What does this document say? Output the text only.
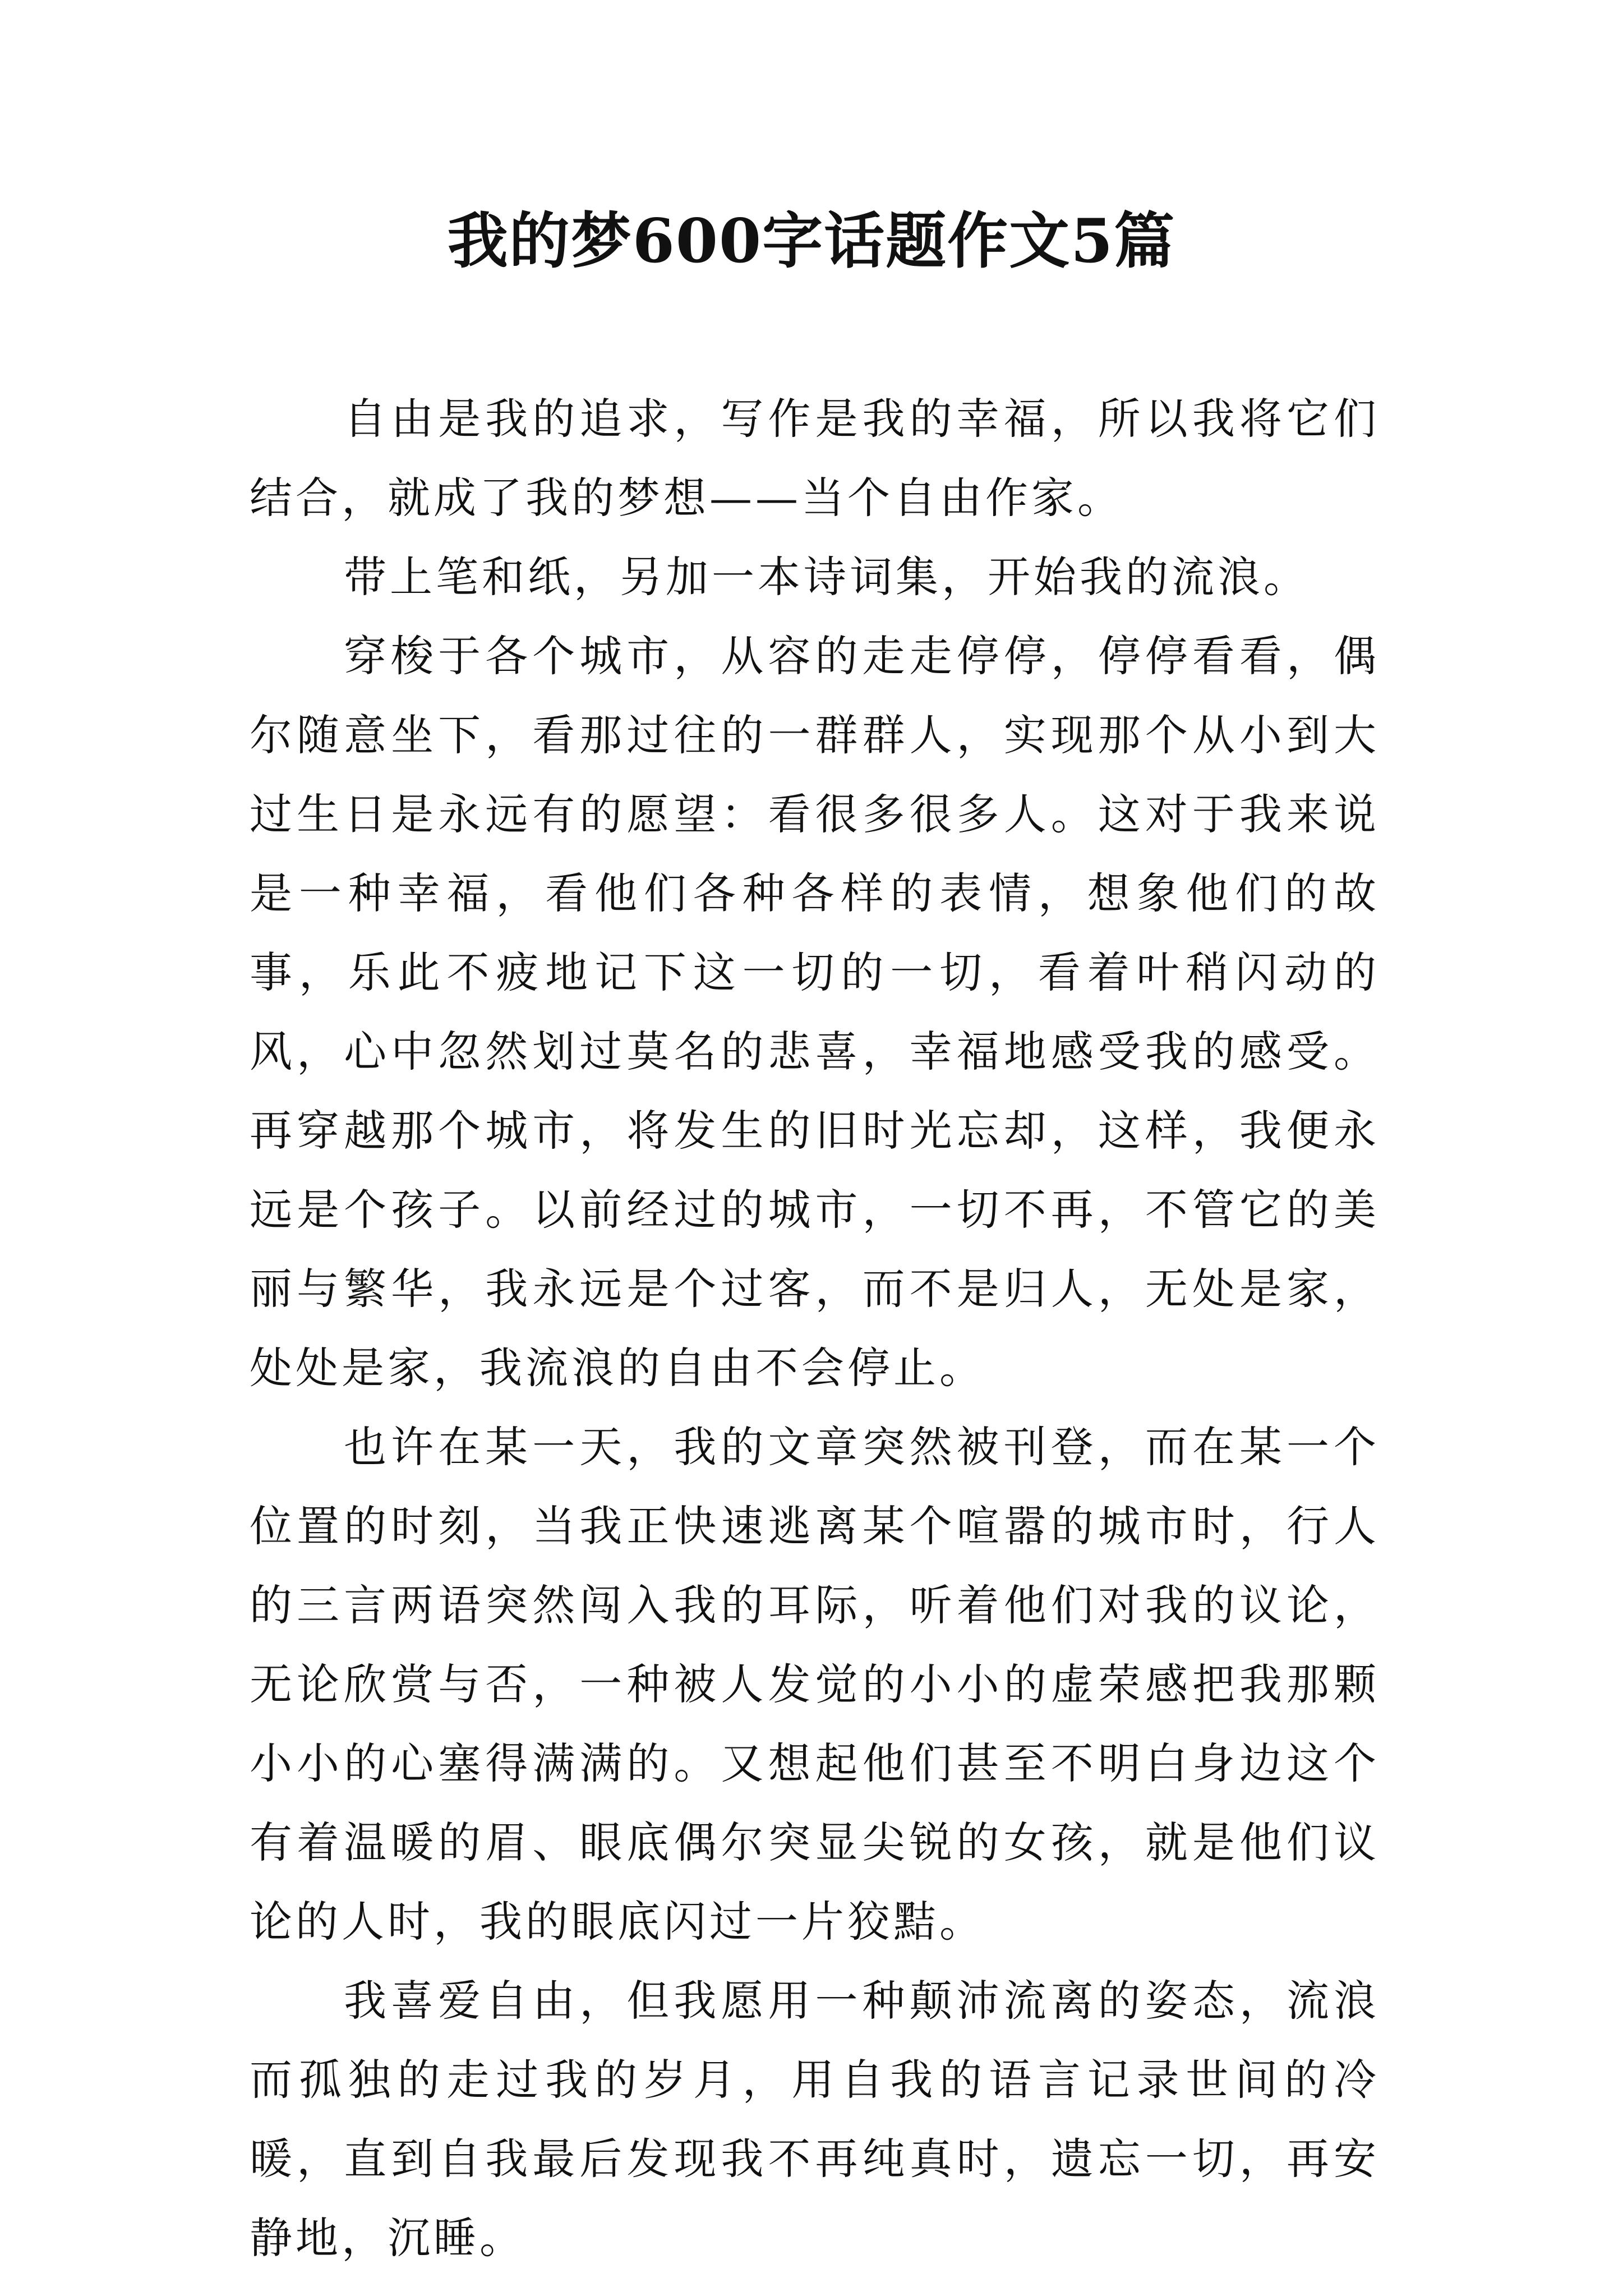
我的梦600字话题作文5篇

自由是我的追求，写作是我的幸福，所以我将它们结合，就成了我的梦想——当个自由作家。

带上笔和纸，另加一本诗词集，开始我的流浪。

穿梭于各个城市，从容的走走停停，停停看看，偶尔随意坐下，看那过往的一群群人，实现那个从小到大过生日是永远有的愿望：看很多很多人。这对于我来说是一种幸福，看他们各种各样的表情，想象他们的故事，乐此不疲地记下这一切的一切，看着叶稍闪动的风，心中忽然划过莫名的悲喜，幸福地感受我的感受。再穿越那个城市，将发生的旧时光忘却，这样，我便永远是个孩子。以前经过的城市，一切不再，不管它的美丽与繁华，我永远是个过客，而不是归人，无处是家，处处是家，我流浪的自由不会停止。

也许在某一天，我的文章突然被刊登，而在某一个位置的时刻，当我正快速逃离某个喧嚣的城市时，行人的三言两语突然闯入我的耳际，听着他们对我的议论，无论欣赏与否，一种被人发觉的小小的虚荣感把我那颗小小的心塞得满满的。又想起他们甚至不明白身边这个有着温暖的眉、眼底偶尔突显尖锐的女孩，就是他们议论的人时，我的眼底闪过一片狡黠。

我喜爱自由，但我愿用一种颠沛流离的姿态，流浪而孤独的走过我的岁月，用自我的语言记录世间的冷暖，直到自我最后发现我不再纯真时，遗忘一切，再安静地，沉睡。
